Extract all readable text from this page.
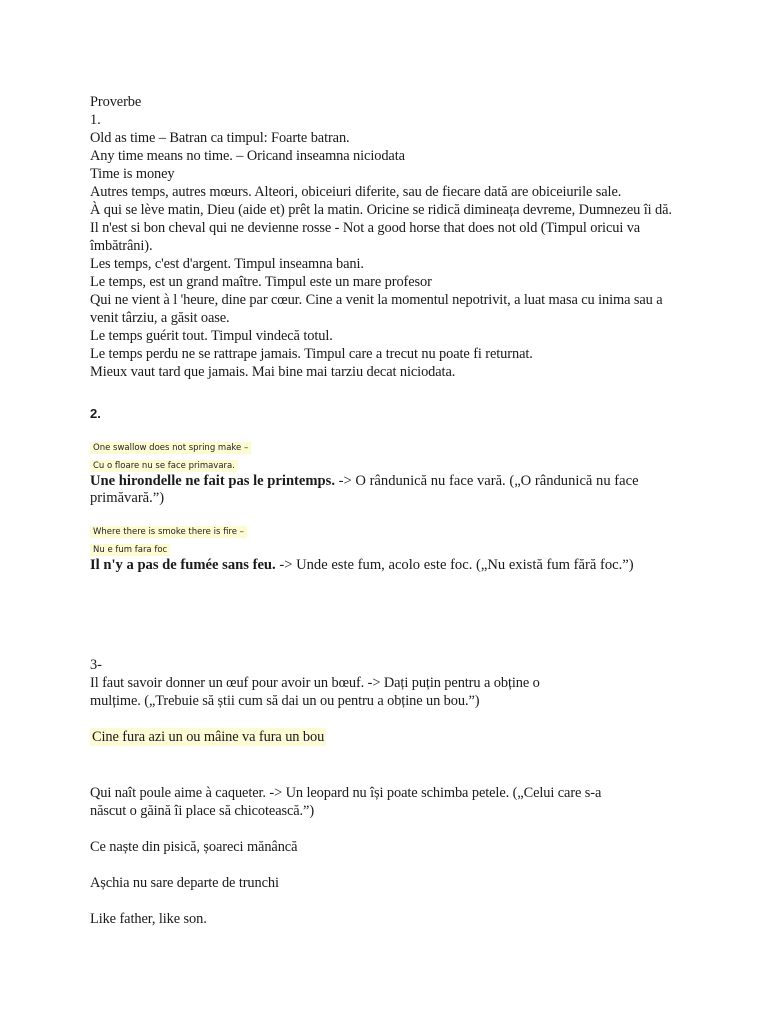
Proverbe
1.
Old as time – Batran ca timpul: Foarte batran.
Any time means no time. – Oricand inseamna niciodata
Time is money
Autres temps, autres mœurs. Alteori, obiceiuri diferite, sau de fiecare dată are obiceiurile sale.
À qui se lève matin, Dieu (aide et) prêt la matin. Oricine se ridică dimineața devreme, Dumnezeu îi dă.
Il n'est si bon cheval qui ne devienne rosse - Not a good horse that does not old (Timpul oricui va îmbătrâni).
Les temps, c'est d'argent. Timpul inseamna bani.
Le temps, est un grand maître. Timpul este un mare profesor
Qui ne vient à l 'heure, dine par cœur. Cine a venit la momentul nepotrivit, a luat masa cu inima sau a venit târziu, a găsit oase.
Le temps guérit tout. Timpul vindecă totul.
Le temps perdu ne se rattrape jamais. Timpul care a trecut nu poate fi returnat.
Mieux vaut tard que jamais. Mai bine mai tarziu decat niciodata.
2.
One swallow does not spring make –
Cu o floare nu se face primavara.
Une hirondelle ne fait pas le printemps. -> O rândunică nu face vară. („O rândunică nu face primăvară.”)
Where there is smoke there is fire –
Nu e fum fara foc
Il n'y a pas de fumée sans feu. -> Unde este fum, acolo este foc. („Nu există fum fără foc.”)
3-
Il faut savoir donner un œuf pour avoir un bœuf. -> Dați puțin pentru a obține o mulțime. („Trebuie să știi cum să dai un ou pentru a obține un bou.”)
Cine fura azi un ou mâine va fura un bou
Qui naît poule aime à caqueter. -> Un leopard nu își poate schimba petele. („Celui care s-a născut o găină îi place să chicotească.”)
Ce naște din pisică, șoareci mănâncă
Așchia nu sare departe de trunchi
Like father, like son.
